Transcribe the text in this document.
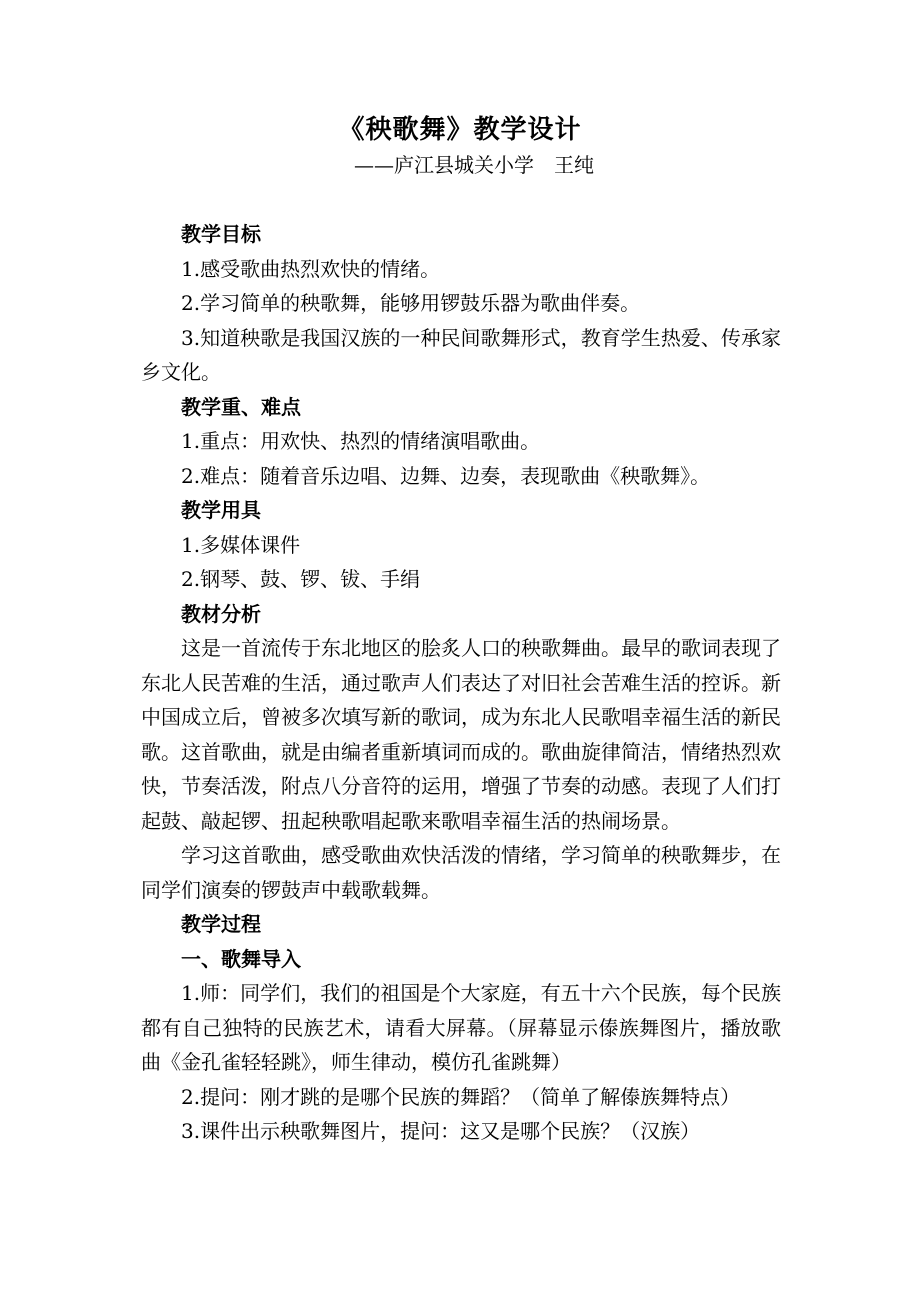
《秧歌舞》教学设计
——庐江县城关小学　王纯

教学目标

1.感受歌曲热烈欢快的情绪。

2.学习简单的秧歌舞，能够用锣鼓乐器为歌曲伴奏。

3.知道秧歌是我国汉族的一种民间歌舞形式，教育学生热爱、传承家乡文化。

教学重、难点

1.重点：用欢快、热烈的情绪演唱歌曲。

2.难点：随着音乐边唱、边舞、边奏，表现歌曲《秧歌舞》。

教学用具

1.多媒体课件

2.钢琴、鼓、锣、钹、手绢

教材分析

这是一首流传于东北地区的脍炙人口的秧歌舞曲。最早的歌词表现了东北人民苦难的生活，通过歌声人们表达了对旧社会苦难生活的控诉。新中国成立后，曾被多次填写新的歌词，成为东北人民歌唱幸福生活的新民歌。这首歌曲，就是由编者重新填词而成的。歌曲旋律简洁，情绪热烈欢快，节奏活泼，附点八分音符的运用，增强了节奏的动感。表现了人们打起鼓、敲起锣、扭起秧歌唱起歌来歌唱幸福生活的热闹场景。

学习这首歌曲，感受歌曲欢快活泼的情绪，学习简单的秧歌舞步，在同学们演奏的锣鼓声中载歌载舞。

教学过程

一、歌舞导入

1.师：同学们，我们的祖国是个大家庭，有五十六个民族，每个民族都有自己独特的民族艺术，请看大屏幕。（屏幕显示傣族舞图片，播放歌曲《金孔雀轻轻跳》，师生律动，模仿孔雀跳舞）

2.提问：刚才跳的是哪个民族的舞蹈？（简单了解傣族舞特点）

3.课件出示秧歌舞图片，提问：这又是哪个民族？（汉族）
